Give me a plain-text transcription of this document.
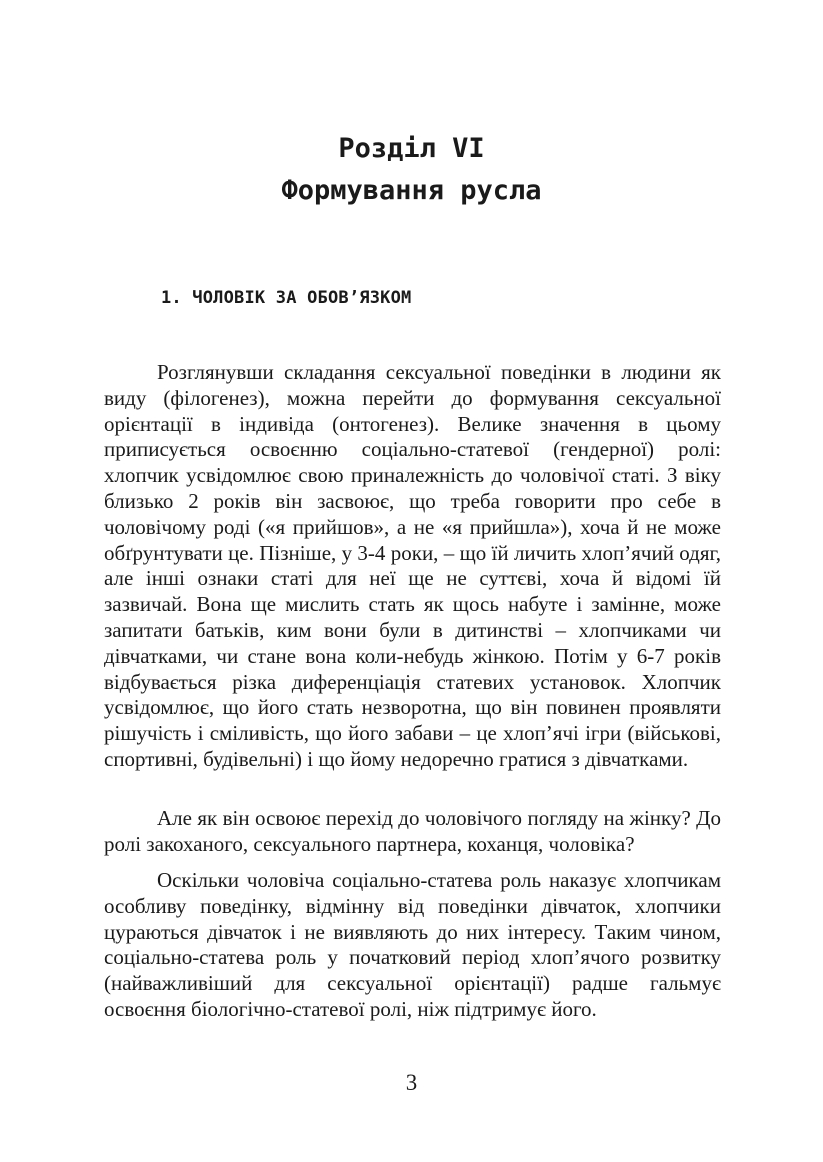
Розділ VI
Формування русла
1. ЧОЛОВІК ЗА ОБОВ’ЯЗКОМ

Розглянувши складання сексуальної поведінки в людини як виду (філогенез), можна перейти до формування сексуальної орієнтації в індивіда (онтогенез). Велике значення в цьому приписується освоєнню соціально-статевої (гендерної) ролі: хлопчик усвідомлює свою приналежність до чоловічої статі. З віку близько 2 років він засвоює, що треба говорити про себе в чоловічому роді («я прийшов», а не «я прийшла»), хоча й не може обґрунтувати це. Пізніше, у 3-4 роки, – що їй личить хлоп’ячий одяг, але інші ознаки статі для неї ще не суттєві, хоча й відомі їй зазвичай. Вона ще мислить стать як щось набуте і замінне, може запитати батьків, ким вони були в дитинстві – хлопчиками чи дівчатками, чи стане вона коли-небудь жінкою. Потім у 6-7 років відбувається різка диференціація статевих установок. Хлопчик усвідомлює, що його стать незворотна, що він повинен проявляти рішучість і сміливість, що його забави – це хлоп’ячі ігри (військові, спортивні, будівельні) і що йому недоречно гратися з дівчатками.

Але як він освоює перехід до чоловічого погляду на жінку? До ролі закоханого, сексуального партнера, коханця, чоловіка?

Оскільки чоловіча соціально-статева роль наказує хлопчикам особливу поведінку, відмінну від поведінки дівчаток, хлопчики цураються дівчаток і не виявляють до них інтересу. Таким чином, соціально-статева роль у початковий період хлоп’ячого розвитку (найважливіший для сексуальної орієнтації) радше гальмує освоєння біологічно-статевої ролі, ніж підтримує його.

3
